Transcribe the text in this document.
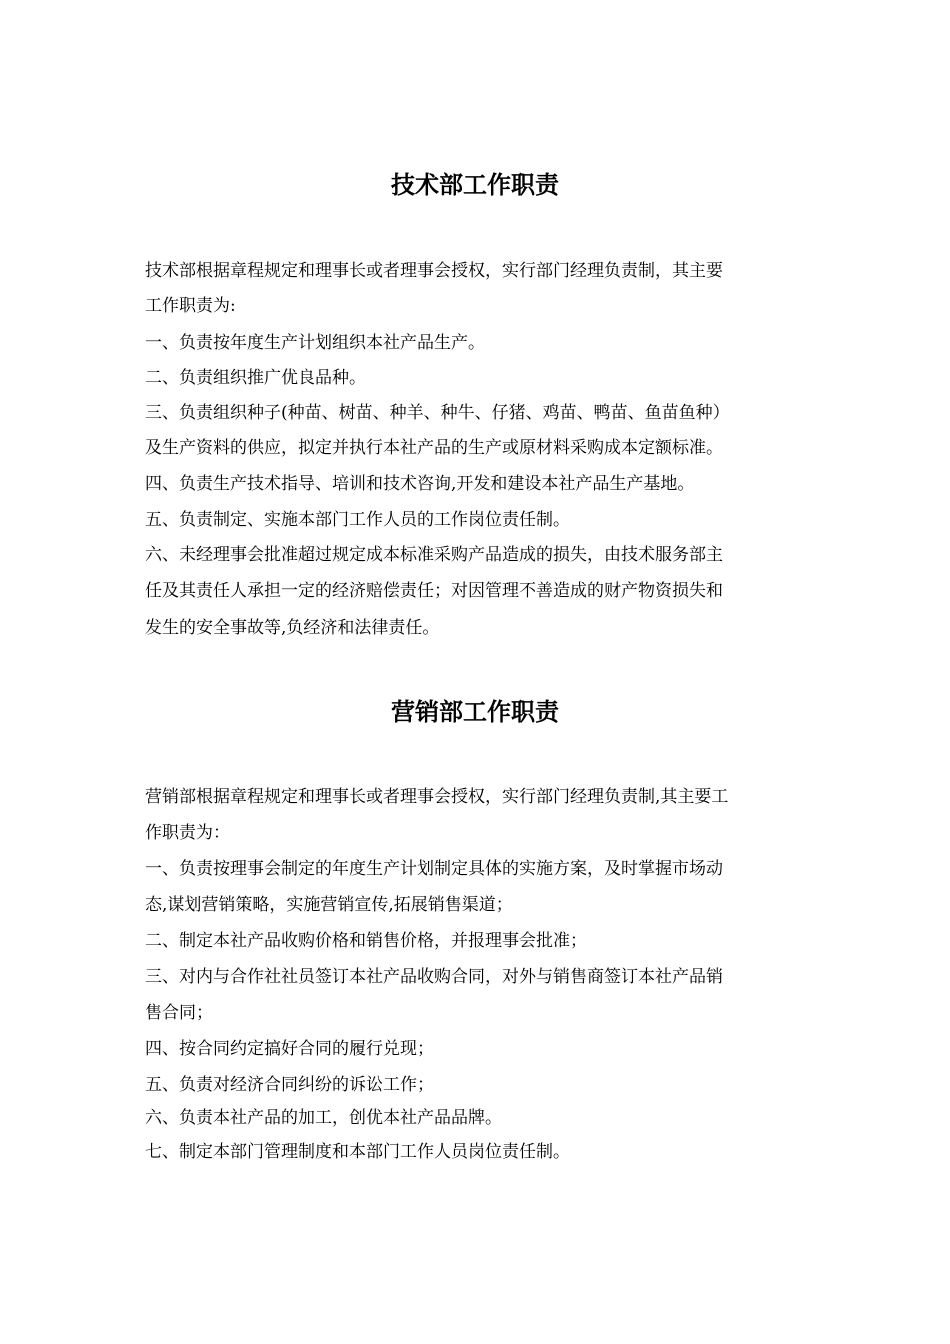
技术部工作职责

技术部根据章程规定和理事长或者理事会授权，实行部门经理负责制，其主要

工作职责为:

一、负责按年度生产计划组织本社产品生产。

二、负责组织推广优良品种。

三、负责组织种子(种苗、树苗、种羊、种牛、仔猪、鸡苗、鸭苗、鱼苗鱼种）

及生产资料的供应，拟定并执行本社产品的生产或原材料采购成本定额标准。

四、负责生产技术指导、培训和技术咨询,开发和建设本社产品生产基地。

五、负责制定、实施本部门工作人员的工作岗位责任制。

六、未经理事会批准超过规定成本标准采购产品造成的损失，由技术服务部主

任及其责任人承担一定的经济赔偿责任；对因管理不善造成的财产物资损失和

发生的安全事故等,负经济和法律责任。

营销部工作职责

营销部根据章程规定和理事长或者理事会授权，实行部门经理负责制,其主要工

作职责为：

一、负责按理事会制定的年度生产计划制定具体的实施方案，及时掌握市场动

态,谋划营销策略，实施营销宣传,拓展销售渠道；

二、制定本社产品收购价格和销售价格，并报理事会批准；

三、对内与合作社社员签订本社产品收购合同，对外与销售商签订本社产品销

售合同；

四、按合同约定搞好合同的履行兑现；

五、负责对经济合同纠纷的诉讼工作；

六、负责本社产品的加工，创优本社产品品牌。

七、制定本部门管理制度和本部门工作人员岗位责任制。
